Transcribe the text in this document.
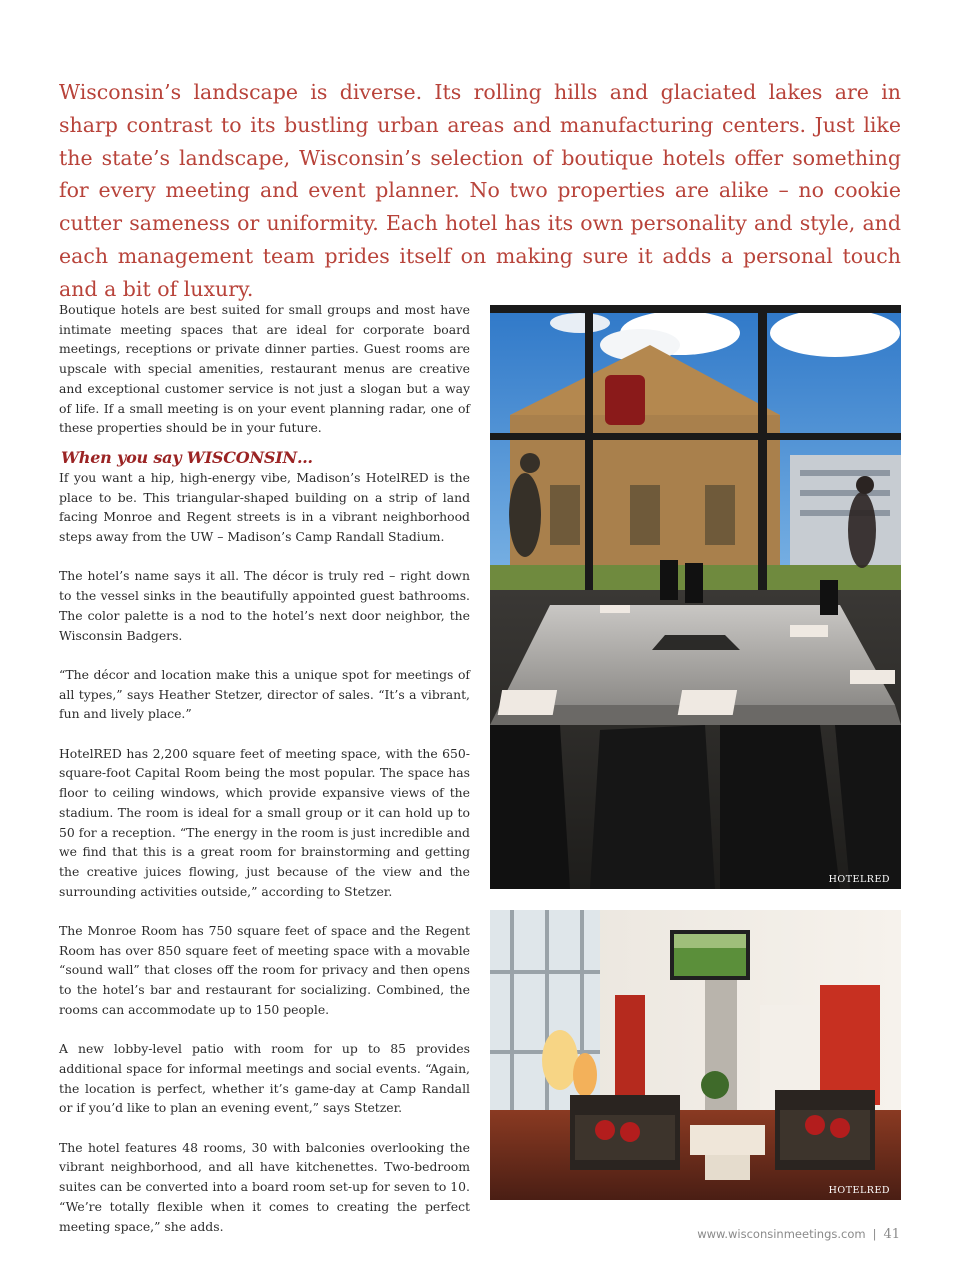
Wisconsin’s landscape is diverse. Its rolling hills and glaciated lakes are in sharp contrast to its bustling urban areas and manufacturing centers. Just like the state’s landscape, Wisconsin’s selection of boutique hotels offer something for every meeting and event planner. No two properties are alike – no cookie cutter sameness or uniformity. Each hotel has its own personality and style, and each management team prides itself on making sure it adds a personal touch and a bit of luxury.

Boutique hotels are best suited for small groups and most have intimate meeting spaces that are ideal for corporate board meetings, receptions or private dinner parties. Guest rooms are upscale with special amenities, restaurant menus are creative and exceptional customer service is not just a slogan but a way of life. If a small meeting is on your event planning radar, one of these properties should be in your future.

When you say WISCONSIN…

If you want a hip, high-energy vibe, Madison’s HotelRED is the place to be. This triangular-shaped building on a strip of land facing Monroe and Regent streets is in a vibrant neighborhood steps away from the UW – Madison’s Camp Randall Stadium.

The hotel’s name says it all. The décor is truly red – right down to the vessel sinks in the beautifully appointed guest bathrooms. The color palette is a nod to the hotel’s next door neighbor, the Wisconsin Badgers.

“The décor and location make this a unique spot for meetings of all types,” says Heather Stetzer, director of sales. “It’s a vibrant, fun and lively place.”

HotelRED has 2,200 square feet of meeting space, with the 650-square-foot Capital Room being the most popular. The space has floor to ceiling windows, which provide expansive views of the stadium. The room is ideal for a small group or it can hold up to 50 for a reception. “The energy in the room is just incredible and we find that this is a great room for brainstorming and getting the creative juices flowing, just because of the view and the surrounding activities outside,” according to Stetzer.

The Monroe Room has 750 square feet of space and the Regent Room has over 850 square feet of meeting space with a movable “sound wall” that closes off the room for privacy and then opens to the hotel’s bar and restaurant for socializing. Combined, the rooms can accommodate up to 150 people.

A new lobby-level patio with room for up to 85 provides additional space for informal meetings and social events. “Again, the location is perfect, whether it’s game-day at Camp Randall or if you’d like to plan an evening event,” says Stetzer.

The hotel features 48 rooms, 30 with balconies overlooking the vibrant neighborhood, and all have kitchenettes. Two-bedroom suites can be converted into a board room set-up for seven to 10. “We’re totally flexible when it comes to creating the perfect meeting space,” she adds.

HOTELRED
HOTELRED
www.wisconsinmeetings.com | 41
